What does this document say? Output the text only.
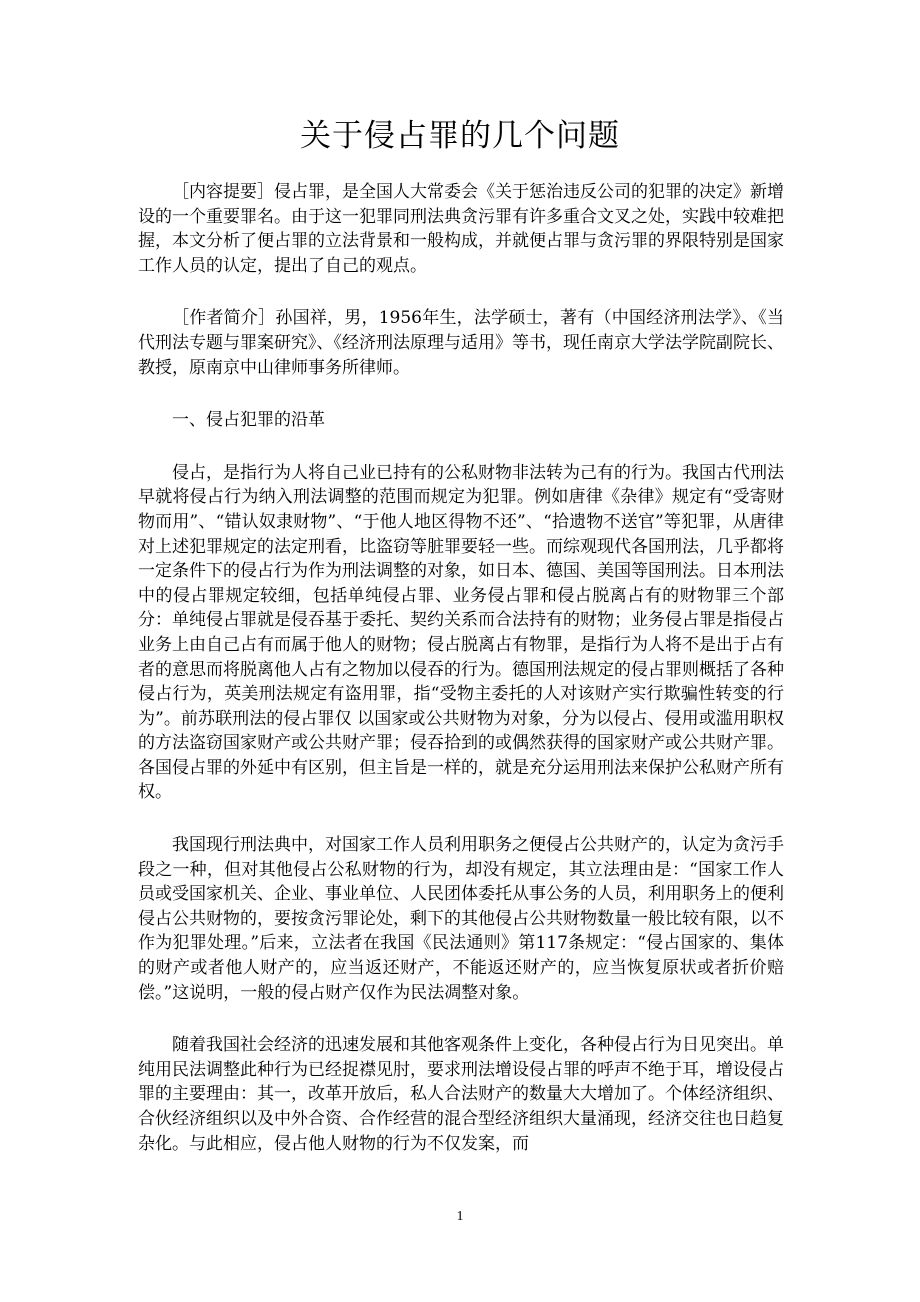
关于侵占罪的几个问题

［内容提要］侵占罪，是全国人大常委会《关于惩治违反公司的犯罪的决定》新增设的一个重要罪名。由于这一犯罪同刑法典贪污罪有许多重合文叉之处，实践中较难把握，本文分析了便占罪的立法背景和一般构成，并就便占罪与贪污罪的界限特别是国家工作人员的认定，提出了自己的观点。

［作者简介］孙国祥，男，1956年生，法学硕士，著有（中国经济刑法学》、《当代刑法专题与罪案研究》、《经济刑法原理与适用》等书，现任南京大学法学院副院长、教授，原南京中山律师事务所律师。

一、侵占犯罪的沿革

侵占，是指行为人将自己业已持有的公私财物非法转为己有的行为。我国古代刑法早就将侵占行为纳入刑法调整的范围而规定为犯罪。例如唐律《杂律》规定有“受寄财物而用”、“错认奴隶财物”、“于他人地区得物不还”、“拾遗物不送官”等犯罪，从唐律对上述犯罪规定的法定刑看，比盗窃等脏罪要轻一些。而综观现代各国刑法，几乎都将一定条件下的侵占行为作为刑法调整的对象，如日本、德国、美国等国刑法。日本刑法中的侵占罪规定较细，包括单纯侵占罪、业务侵占罪和侵占脱离占有的财物罪三个部分：单纯侵占罪就是侵吞基于委托、契约关系而合法持有的财物；业务侵占罪是指侵占业务上由自己占有而属于他人的财物；侵占脱离占有物罪，是指行为人将不是出于占有者的意思而将脱离他人占有之物加以侵吞的行为。德国刑法规定的侵占罪则概括了各种侵占行为，英美刑法规定有盗用罪，指“受物主委托的人对该财产实行欺骗性转变的行为”。前苏联刑法的侵占罪仅 以国家或公共财物为对象，分为以侵占、侵用或滥用职权的方法盗窃国家财产或公共财产罪；侵吞拾到的或偶然获得的国家财产或公共财产罪。各国侵占罪的外延中有区别，但主旨是一样的，就是充分运用刑法来保护公私财产所有权。

我国现行刑法典中，对国家工作人员利用职务之便侵占公共财产的，认定为贪污手段之一种，但对其他侵占公私财物的行为，却没有规定，其立法理由是：“国家工作人员或受国家机关、企业、事业单位、人民团体委托从事公务的人员，利用职务上的便利侵占公共财物的，要按贪污罪论处，剩下的其他侵占公共财物数量一般比较有限，以不作为犯罪处理。”后来，立法者在我国《民法通则》第117条规定：“侵占国家的、集体的财产或者他人财产的，应当返还财产，不能返还财产的，应当恢复原状或者折价赔偿。”这说明，一般的侵占财产仅作为民法凋整对象。

随着我国社会经济的迅速发展和其他客观条件上变化，各种侵占行为日见突出。单纯用民法调整此种行为已经捉襟见肘，要求刑法增设侵占罪的呼声不绝于耳，增设侵占罪的主要理由：其一，改革开放后，私人合法财产的数量大大增加了。个体经济组织、 合伙经济组织以及中外合资、合作经营的混合型经济组织大量涌现，经济交往也日趋复杂化。与此相应，侵占他人财物的行为不仅发案，而

1
